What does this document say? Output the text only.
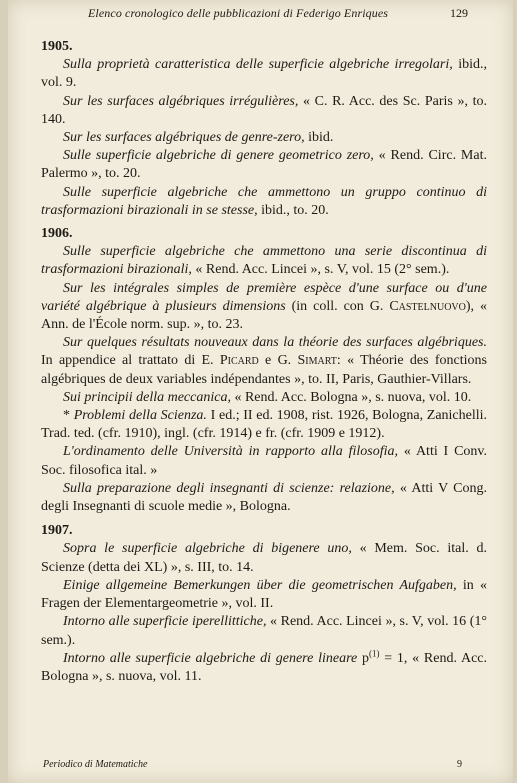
Elenco cronologico delle pubblicazioni di Federigo Enriques	129

1905.

Sulla proprietà caratteristica delle superficie algebriche irregolari, ibid., vol. 9.

Sur les surfaces algébriques irrégulières, « C. R. Acc. des Sc. Paris », to. 140.

Sur les surfaces algébriques de genre-zero, ibid.

Sulle superficie algebriche di genere geometrico zero, « Rend. Circ. Mat. Palermo », to. 20.

Sulle superficie algebriche che ammettono un gruppo continuo di trasformazioni birazionali in se stesse, ibid., to. 20.

1906.

Sulle superficie algebriche che ammettono una serie discontinua di trasformazioni birazionali, « Rend. Acc. Lincei », s. V, vol. 15 (2° sem.).

Sur les intégrales simples de première espèce d'une surface ou d'une variété algébrique à plusieurs dimensions (in coll. con G. Castelnuovo), « Ann. de l'École norm. sup. », to. 23.

Sur quelques résultats nouveaux dans la théorie des surfaces algébriques. In appendice al trattato di E. Picard e G. Simart: « Théorie des fonctions algébriques de deux variables indépendantes », to. II, Paris, Gauthier-Villars.

Sui principii della meccanica, « Rend. Acc. Bologna », s. nuova, vol. 10.

* Problemi della Scienza. I ed.; II ed. 1908, rist. 1926, Bologna, Zanichelli. Trad. ted. (cfr. 1910), ingl. (cfr. 1914) e fr. (cfr. 1909 e 1912).

L'ordinamento delle Università in rapporto alla filosofia, « Atti I Conv. Soc. filosofica ital. »

Sulla preparazione degli insegnanti di scienze: relazione, « Atti V Cong. degli Insegnanti di scuole medie », Bologna.

1907.

Sopra le superficie algebriche di bigenere uno, « Mem. Soc. ital. d. Scienze (detta dei XL) », s. III, to. 14.

Einige allgemeine Bemerkungen über die geometrischen Aufgaben, in « Fragen der Elementargeometrie », vol. II.

Intorno alle superficie iperellittiche, « Rend. Acc. Lincei », s. V, vol. 16 (1° sem.).

Intorno alle superficie algebriche di genere lineare $p^{(1)} = 1$, « Rend. Acc. Bologna », s. nuova, vol. 11.

Periodico di Matematiche	9
